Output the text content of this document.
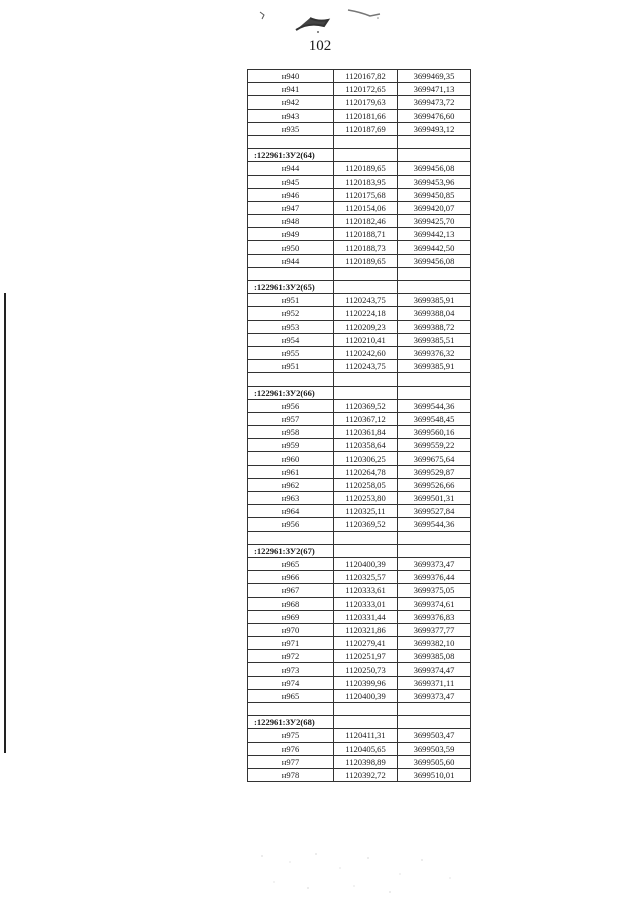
102
н940	1120167,82	3699469,35
н941	1120172,65	3699471,13
н942	1120179,63	3699473,72
н943	1120181,66	3699476,60
н935	1120187,69	3699493,12

:122961:ЗУ2(64)		
н944	1120189,65	3699456,08
н945	1120183,95	3699453,96
н946	1120175,68	3699450,85
н947	1120154,06	3699420,07
н948	1120182,46	3699425,70
н949	1120188,71	3699442,13
н950	1120188,73	3699442,50
н944	1120189,65	3699456,08

:122961:ЗУ2(65)		
н951	1120243,75	3699385,91
н952	1120224,18	3699388,04
н953	1120209,23	3699388,72
н954	1120210,41	3699385,51
н955	1120242,60	3699376,32
н951	1120243,75	3699385,91

:122961:ЗУ2(66)		
н956	1120369,52	3699544,36
н957	1120367,12	3699548,45
н958	1120361,84	3699560,16
н959	1120358,64	3699559,22
н960	1120306,25	3699675,64
н961	1120264,78	3699529,87
н962	1120258,05	3699526,66
н963	1120253,80	3699501,31
н964	1120325,11	3699527,84
н956	1120369,52	3699544,36

:122961:ЗУ2(67)		
н965	1120400,39	3699373,47
н966	1120325,57	3699376,44
н967	1120333,61	3699375,05
н968	1120333,01	3699374,61
н969	1120331,44	3699376,83
н970	1120321,86	3699377,77
н971	1120279,41	3699382,10
н972	1120251,97	3699385,08
н973	1120250,73	3699374,47
н974	1120399,96	3699371,11
н965	1120400,39	3699373,47

:122961:ЗУ2(68)		
н975	1120411,31	3699503,47
н976	1120405,65	3699503,59
н977	1120398,89	3699505,60
н978	1120392,72	3699510,01
